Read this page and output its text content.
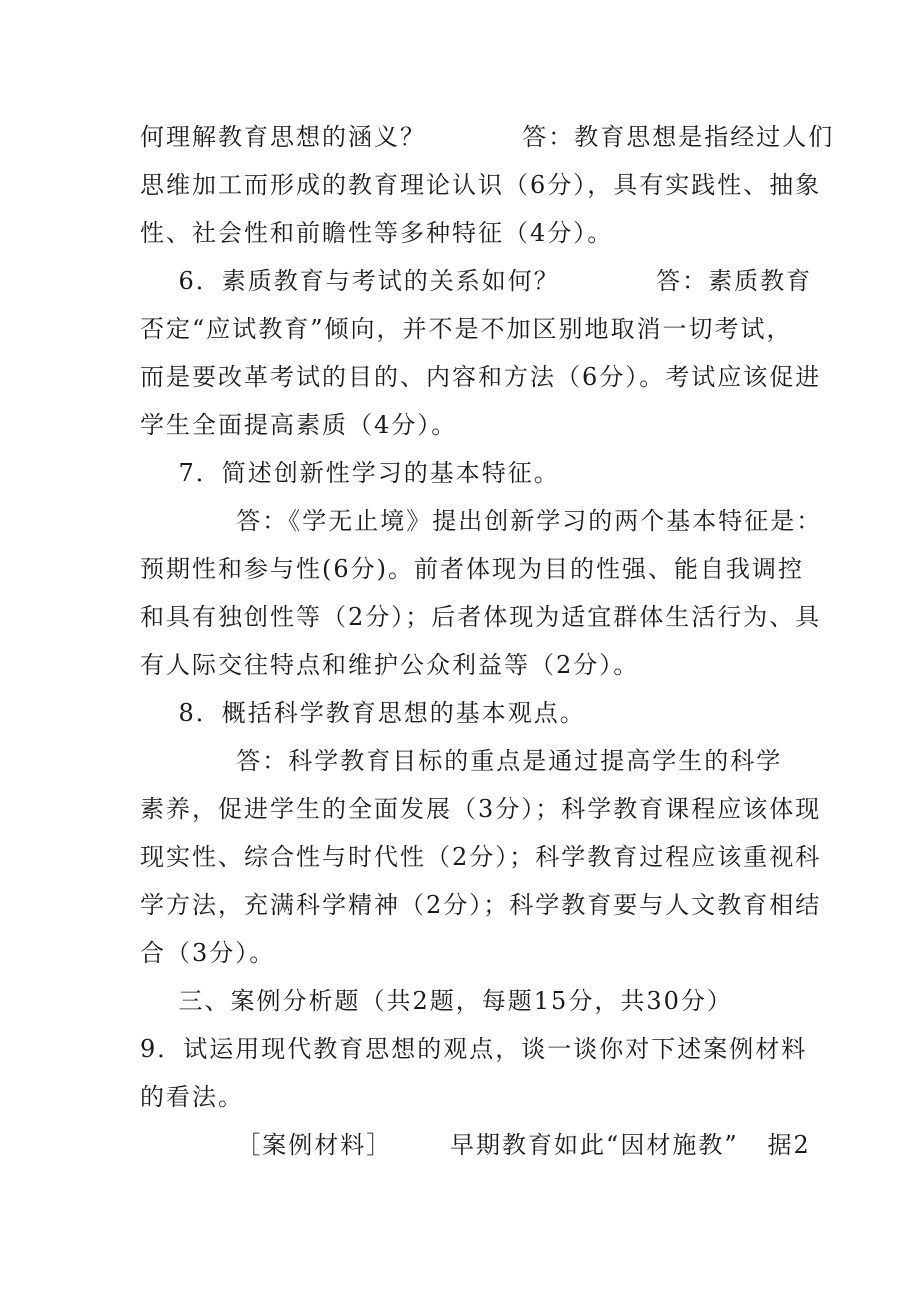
何理解教育思想的涵义？          答：教育思想是指经过人们
思维加工而形成的教育理论认识（6分），具有实践性、抽象
性、社会性和前瞻性等多种特征（4分）。
6．素质教育与考试的关系如何？          答：素质教育
否定“应试教育”倾向，并不是不加区别地取消一切考试，
而是要改革考试的目的、内容和方法（6分）。考试应该促进
学生全面提高素质（4分）。
7．简述创新性学习的基本特征。
答：《学无止境》提出创新学习的两个基本特征是：
预期性和参与性(6分)。前者体现为目的性强、能自我调控
和具有独创性等（2分）；后者体现为适宜群体生活行为、具
有人际交往特点和维护公众利益等（2分）。
8．概括科学教育思想的基本观点。
答：科学教育目标的重点是通过提高学生的科学
素养，促进学生的全面发展（3分）；科学教育课程应该体现
现实性、综合性与时代性（2分）；科学教育过程应该重视科
学方法，充满科学精神（2分）；科学教育要与人文教育相结
合（3分）。
三、案例分析题（共2题，每题15分，共30分）
9．试运用现代教育思想的观点，谈一谈你对下述案例材料
的看法。
［案例材料］      早期教育如此“因材施教”   据2
